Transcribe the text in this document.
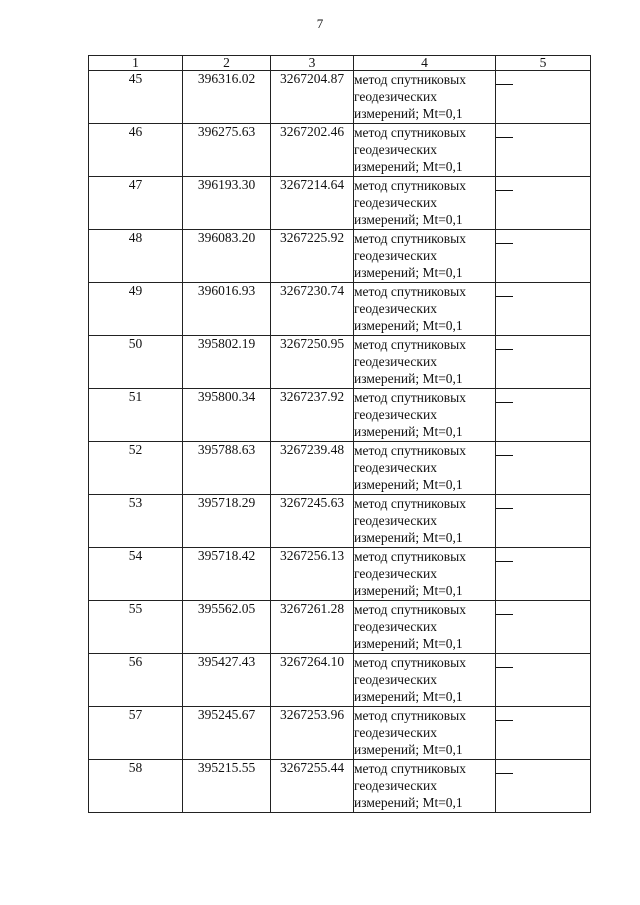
7
1	2	3	4	5
45	396316.02	3267204.87	метод спутниковых
геодезических
измерений; Mt=0,1	

46	396275.63	3267202.46	метод спутниковых
геодезических
измерений; Mt=0,1	

47	396193.30	3267214.64	метод спутниковых
геодезических
измерений; Mt=0,1	

48	396083.20	3267225.92	метод спутниковых
геодезических
измерений; Mt=0,1	

49	396016.93	3267230.74	метод спутниковых
геодезических
измерений; Mt=0,1	

50	395802.19	3267250.95	метод спутниковых
геодезических
измерений; Mt=0,1	

51	395800.34	3267237.92	метод спутниковых
геодезических
измерений; Mt=0,1	

52	395788.63	3267239.48	метод спутниковых
геодезических
измерений; Mt=0,1	

53	395718.29	3267245.63	метод спутниковых
геодезических
измерений; Mt=0,1	

54	395718.42	3267256.13	метод спутниковых
геодезических
измерений; Mt=0,1	

55	395562.05	3267261.28	метод спутниковых
геодезических
измерений; Mt=0,1	

56	395427.43	3267264.10	метод спутниковых
геодезических
измерений; Mt=0,1	

57	395245.67	3267253.96	метод спутниковых
геодезических
измерений; Mt=0,1	

58	395215.55	3267255.44	метод спутниковых
геодезических
измерений; Mt=0,1	
